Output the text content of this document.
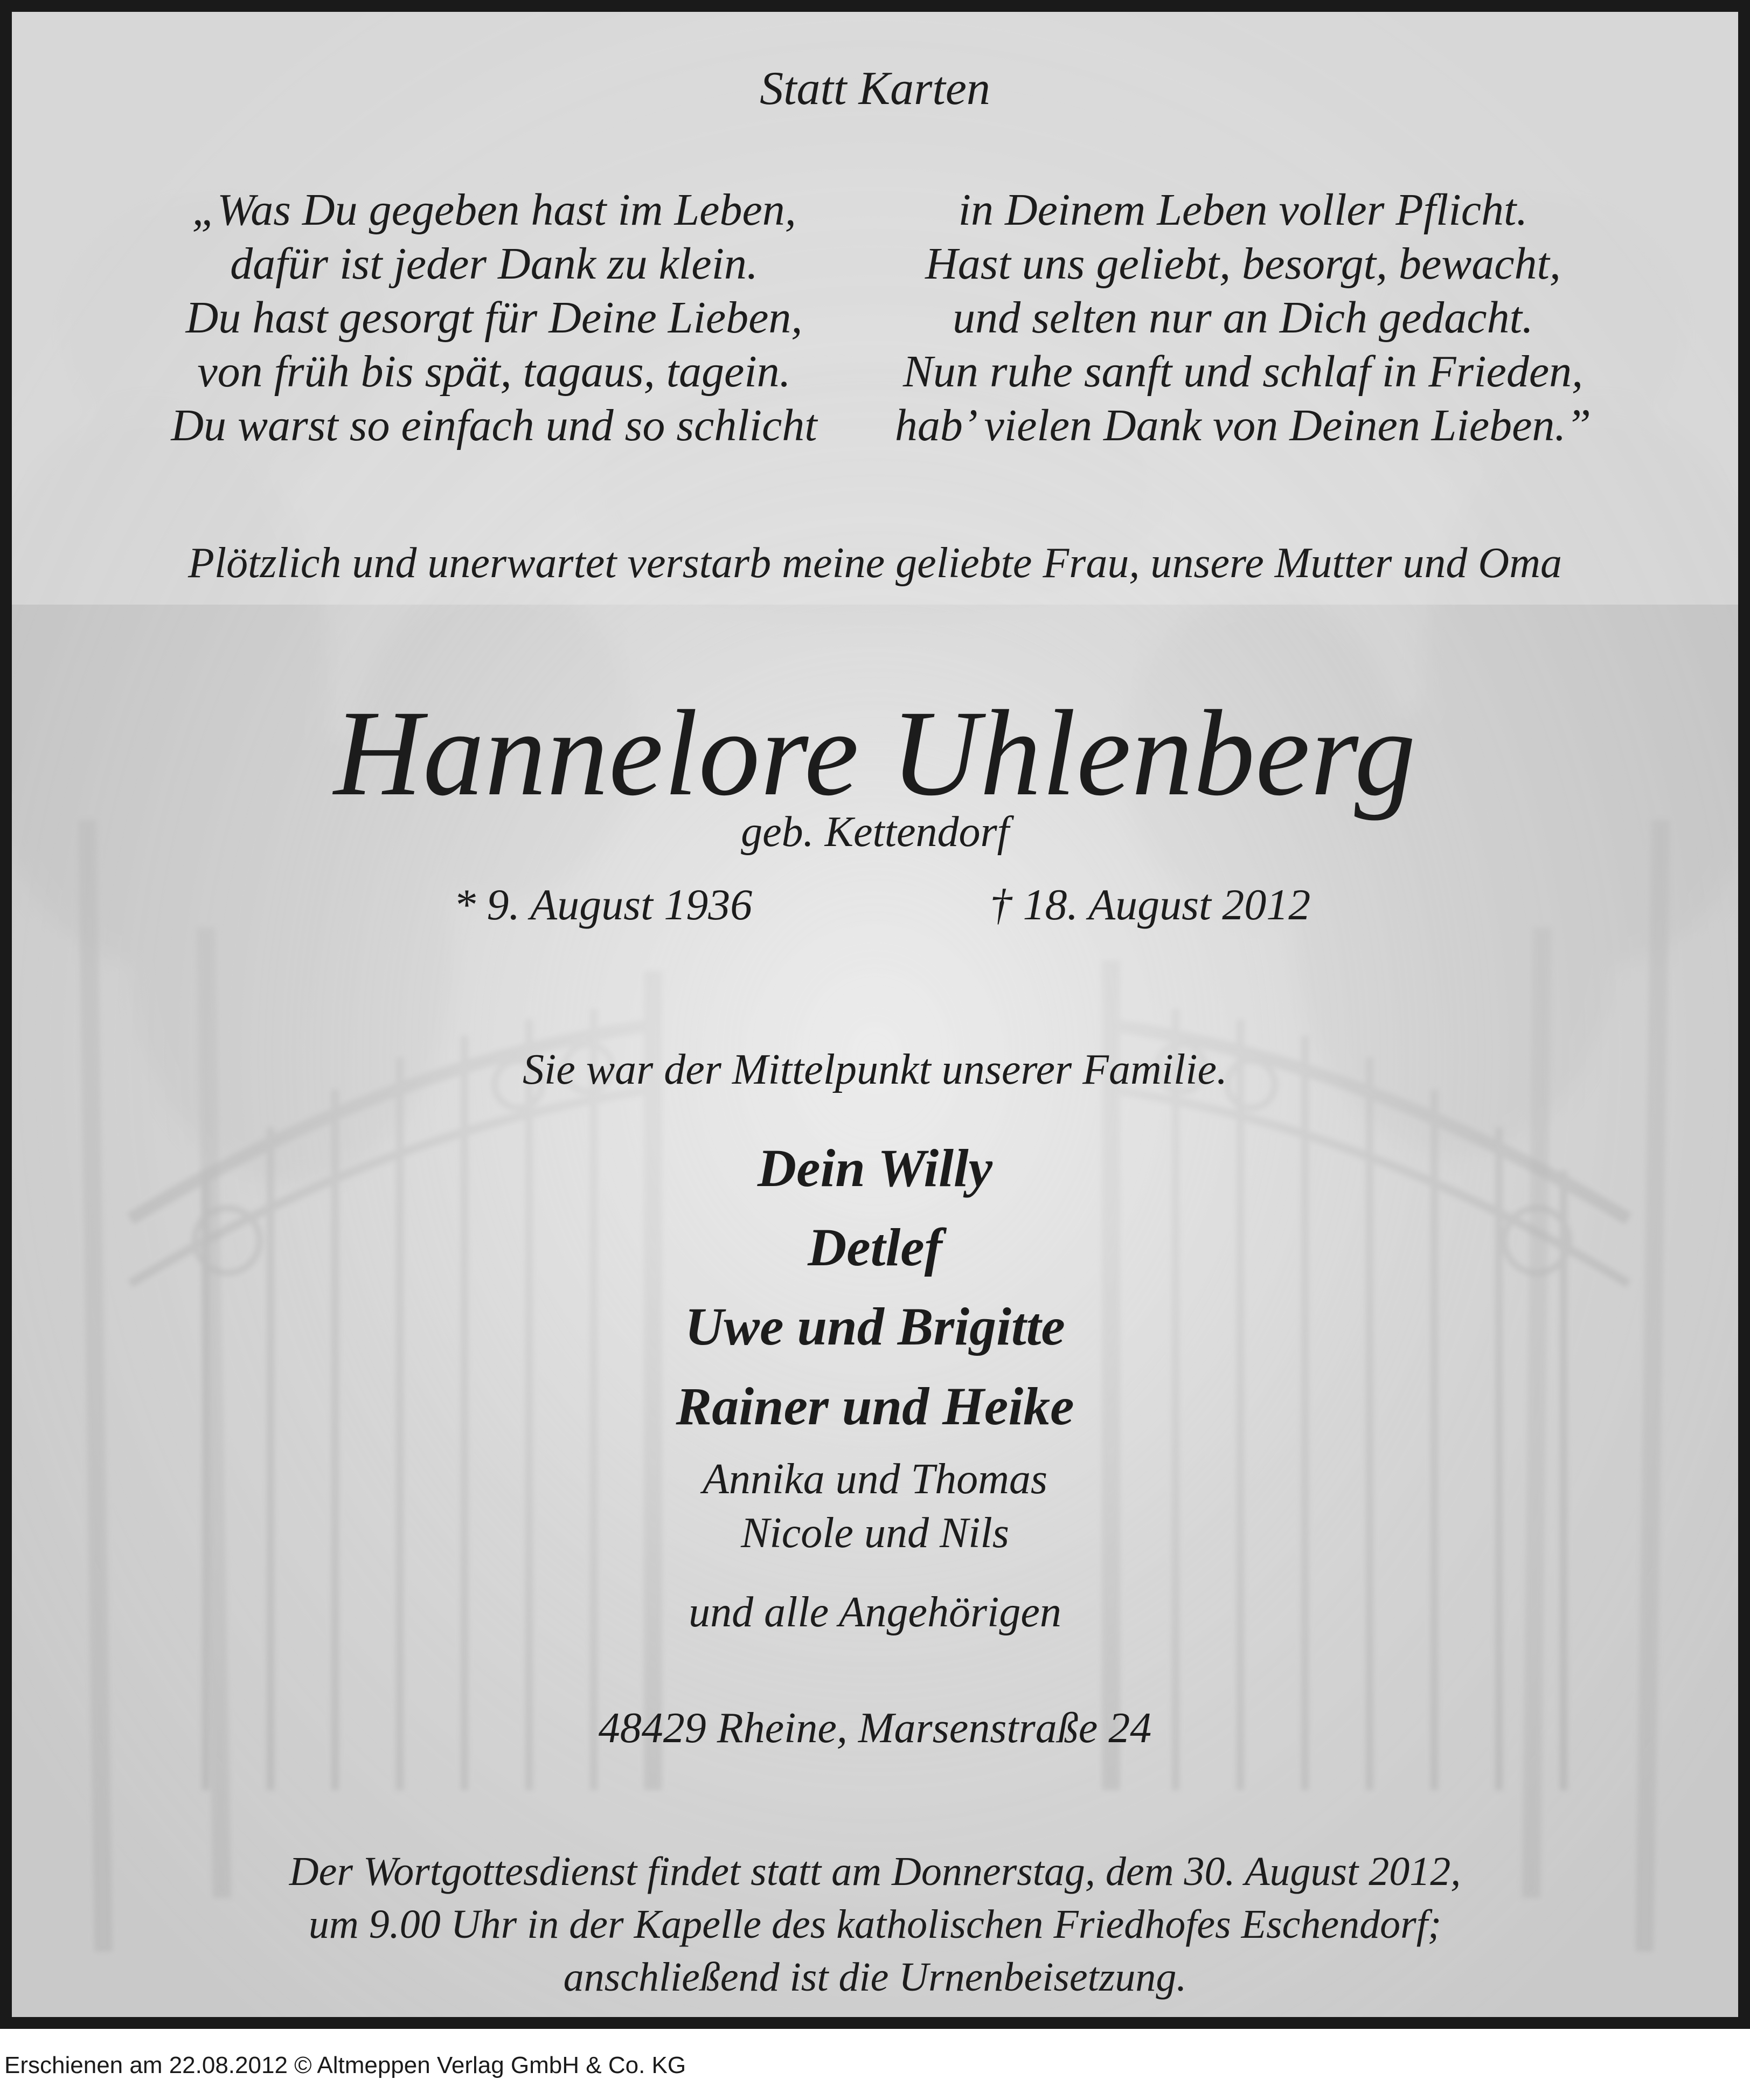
Statt Karten
„Was Du gegeben hast im Leben,
dafür ist jeder Dank zu klein.
Du hast gesorgt für Deine Lieben,
von früh bis spät, tagaus, tagein.
Du warst so einfach und so schlicht
in Deinem Leben voller Pflicht.
Hast uns geliebt, besorgt, bewacht,
und selten nur an Dich gedacht.
Nun ruhe sanft und schlaf in Frieden,
hab’ vielen Dank von Deinen Lieben.”
Plötzlich und unerwartet verstarb meine geliebte Frau, unsere Mutter und Oma
Hannelore Uhlenberg
geb. Kettendorf
* 9. August 1936	† 18. August 2012
Sie war der Mittelpunkt unserer Familie.
Dein Willy
Detlef
Uwe und Brigitte
Rainer und Heike
Annika und Thomas
Nicole und Nils
und alle Angehörigen
48429 Rheine, Marsenstraße 24
Der Wortgottesdienst findet statt am Donnerstag, dem 30. August 2012,
um 9.00 Uhr in der Kapelle des katholischen Friedhofes Eschendorf;
anschließend ist die Urnenbeisetzung.
Erschienen am 22.08.2012 © Altmeppen Verlag GmbH & Co. KG
